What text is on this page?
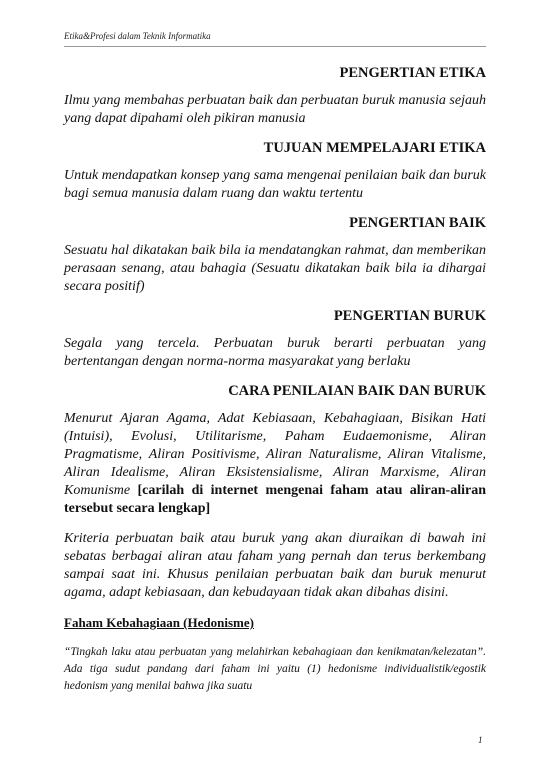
Etika&Profesi dalam Teknik Informatika
PENGERTIAN ETIKA

Ilmu yang membahas perbuatan baik dan perbuatan buruk manusia sejauh yang dapat dipahami oleh pikiran manusia

TUJUAN MEMPELAJARI ETIKA

Untuk mendapatkan konsep yang sama mengenai penilaian baik dan buruk bagi semua manusia dalam ruang dan waktu tertentu

PENGERTIAN BAIK

Sesuatu hal dikatakan baik bila ia mendatangkan rahmat, dan memberikan perasaan senang, atau bahagia (Sesuatu dikatakan baik bila ia dihargai secara positif)

PENGERTIAN BURUK

Segala yang tercela. Perbuatan buruk berarti perbuatan yang bertentangan dengan norma-norma masyarakat yang berlaku

CARA PENILAIAN BAIK DAN BURUK

Menurut Ajaran Agama, Adat Kebiasaan, Kebahagiaan, Bisikan Hati (Intuisi), Evolusi, Utilitarisme, Paham Eudaemonisme, Aliran Pragmatisme, Aliran Positivisme, Aliran Naturalisme, Aliran Vitalisme, Aliran Idealisme, Aliran Eksistensialisme, Aliran Marxisme, Aliran Komunisme [carilah di internet mengenai faham atau aliran-aliran tersebut secara lengkap]

Kriteria perbuatan baik atau buruk yang akan diuraikan di bawah ini sebatas berbagai aliran atau faham yang pernah dan terus berkembang sampai saat ini. Khusus penilaian perbuatan baik dan buruk menurut agama, adapt kebiasaan, dan kebudayaan tidak akan dibahas disini.

Faham Kebahagiaan (Hedonisme)

“Tingkah laku atau perbuatan yang melahirkan kebahagiaan dan kenikmatan/kelezatan”. Ada tiga sudut pandang dari faham ini yaitu (1) hedonisme individualistik/egostik hedonism yang menilai bahwa jika suatu

1
